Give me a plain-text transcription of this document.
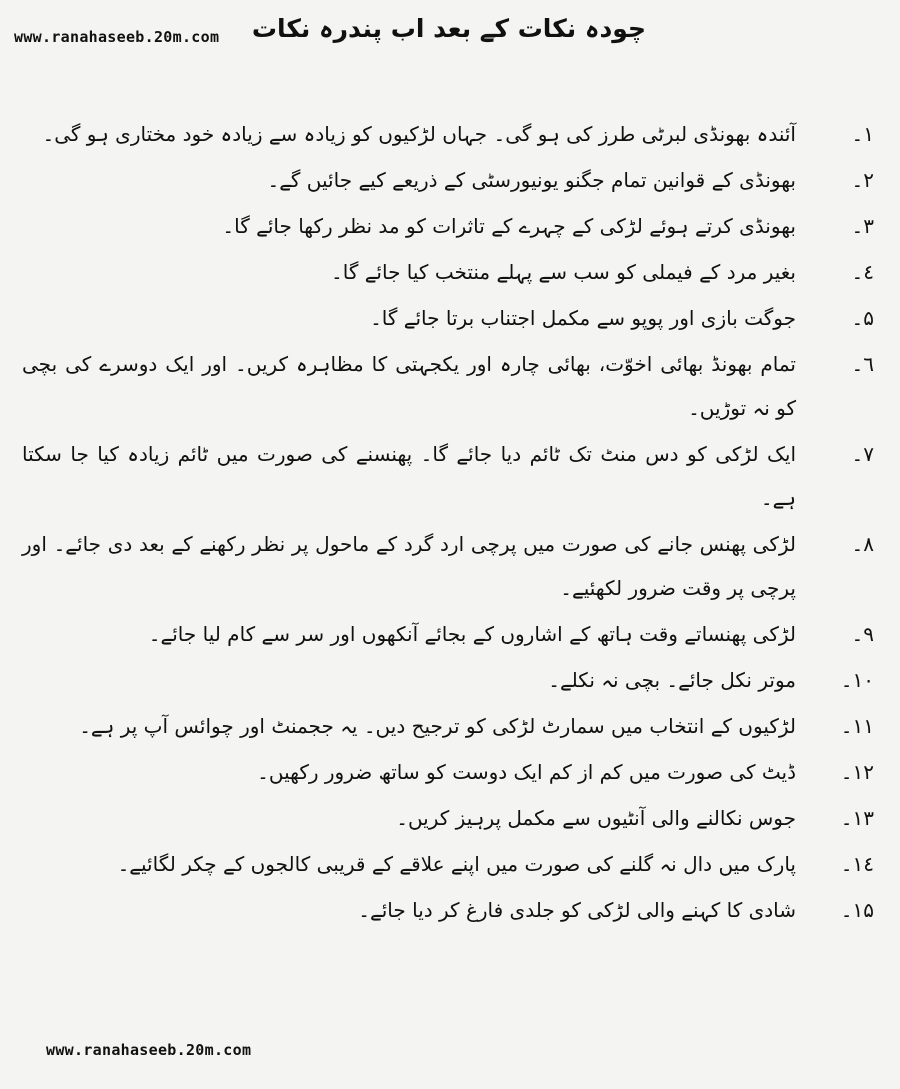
www.ranahaseeb.20m.com چودہ نکات کے بعد اب پندرہ نکات
۱۔
آئندہ بھونڈی لبرٹی طرز کی ہو گی۔ جہاں لڑکیوں کو زیادہ سے زیادہ خود مختاری ہو گی۔
۲۔
بھونڈی کے قوانین تمام جگنو یونیورسٹی کے ذریعے کیے جائیں گے۔
۳۔
بھونڈی کرتے ہوئے لڑکی کے چہرے کے تاثرات کو مد نظر رکھا جائے گا۔
٤۔
بغیر مرد کے فیملی کو سب سے پہلے منتخب کیا جائے گا۔
۵۔
جوگت بازی اور پوپو سے مکمل اجتناب برتا جائے گا۔
٦۔
تمام بھونڈ بھائی اخوّت، بھائی چارہ اور یکجہتی کا مظاہرہ کریں۔ اور ایک دوسرے کی بچی کو نہ توڑیں۔
۷۔
ایک لڑکی کو دس منٹ تک ٹائم دیا جائے گا۔ پھنسنے کی صورت میں ٹائم زیادہ کیا جا سکتا ہے۔
۸۔
لڑکی پھنس جانے کی صورت میں پرچی ارد گرد کے ماحول پر نظر رکھنے کے بعد دی جائے۔ اور پرچی پر وقت ضرور لکھئیے۔
۹۔
لڑکی پھنساتے وقت ہاتھ کے اشاروں کے بجائے آنکھوں اور سر سے کام لیا جائے۔
۱۰۔
موتر نکل جائے۔ بچی نہ نکلے۔
۱۱۔
لڑکیوں کے انتخاب میں سمارٹ لڑکی کو ترجیح دیں۔ یہ ججمنٹ اور چوائس آپ پر ہے۔
۱۲۔
ڈیٹ کی صورت میں کم از کم ایک دوست کو ساتھ ضرور رکھیں۔
۱۳۔
جوس نکالنے والی آنٹیوں سے مکمل پرہیز کریں۔
۱٤۔
پارک میں دال نہ گلنے کی صورت میں اپنے علاقے کے قریبی کالجوں کے چکر لگائیے۔
۱۵۔
شادی کا کہنے والی لڑکی کو جلدی فارغ کر دیا جائے۔
www.ranahaseeb.20m.com
